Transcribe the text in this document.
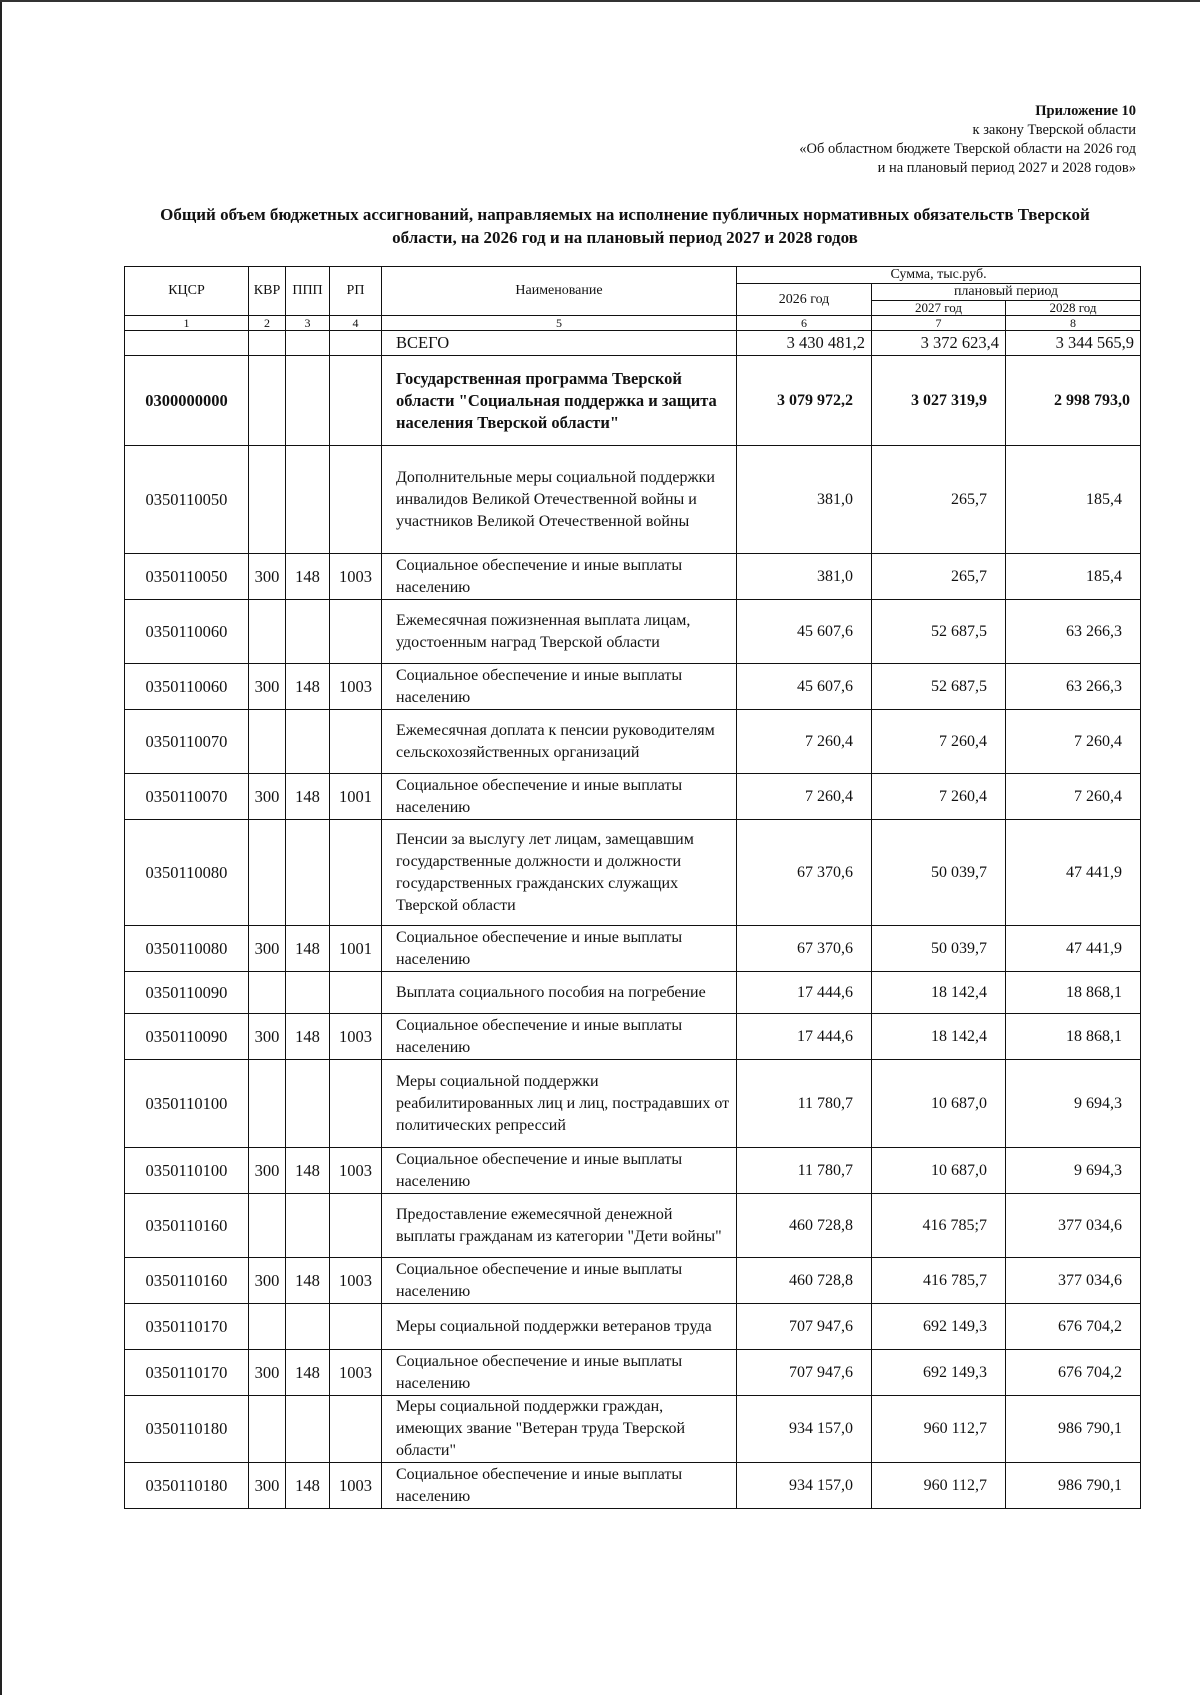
Приложение 10
к закону Тверской области
«Об областном бюджете Тверской области на 2026 год
и на плановый период 2027 и 2028 годов»
Общий объем бюджетных ассигнований, направляемых на исполнение публичных нормативных обязательств Тверской
области, на 2026 год и на плановый период 2027 и 2028 годов
КЦСР	КВР	ППП	РП	Наименование	Сумма, тыс.руб.		
					2026 год	плановый период	
						2027 год	2028 год
1	2	3	4	5	6	7	8
				ВСЕГО	3 430 481,2	3 372 623,4	3 344 565,9
0300000000				Государственная программа Тверской области "Социальная поддержка и защита населения Тверской области"	3 079 972,2	3 027 319,9	2 998 793,0
0350110050				Дополнительные меры социальной поддержки инвалидов Великой Отечественной войны и участников Великой Отечественной войны	381,0	265,7	185,4
0350110050	300	148	1003	Социальное обеспечение и иные выплаты населению	381,0	265,7	185,4
0350110060				Ежемесячная пожизненная выплата лицам, удостоенным наград Тверской области	45 607,6	52 687,5	63 266,3
0350110060	300	148	1003	Социальное обеспечение и иные выплаты населению	45 607,6	52 687,5	63 266,3
0350110070				Ежемесячная доплата к пенсии руководителям сельскохозяйственных организаций	7 260,4	7 260,4	7 260,4
0350110070	300	148	1001	Социальное обеспечение и иные выплаты населению	7 260,4	7 260,4	7 260,4
0350110080				Пенсии за выслугу лет лицам, замещавшим государственные должности и должности государственных гражданских служащих Тверской области	67 370,6	50 039,7	47 441,9
0350110080	300	148	1001	Социальное обеспечение и иные выплаты населению	67 370,6	50 039,7	47 441,9
0350110090				Выплата социального пособия на погребение	17 444,6	18 142,4	18 868,1
0350110090	300	148	1003	Социальное обеспечение и иные выплаты населению	17 444,6	18 142,4	18 868,1
0350110100				Меры социальной поддержки реабилитированных лиц и лиц, пострадавших от политических репрессий	11 780,7	10 687,0	9 694,3
0350110100	300	148	1003	Социальное обеспечение и иные выплаты населению	11 780,7	10 687,0	9 694,3
0350110160				Предоставление ежемесячной денежной выплаты гражданам из категории "Дети войны"	460 728,8	416 785;7	377 034,6
0350110160	300	148	1003	Социальное обеспечение и иные выплаты населению	460 728,8	416 785,7	377 034,6
0350110170				Меры социальной поддержки ветеранов труда	707 947,6	692 149,3	676 704,2
0350110170	300	148	1003	Социальное обеспечение и иные выплаты населению	707 947,6	692 149,3	676 704,2
0350110180				Меры социальной поддержки граждан, имеющих звание "Ветеран труда Тверской области"	934 157,0	960 112,7	986 790,1
0350110180	300	148	1003	Социальное обеспечение и иные выплаты населению	934 157,0	960 112,7	986 790,1
